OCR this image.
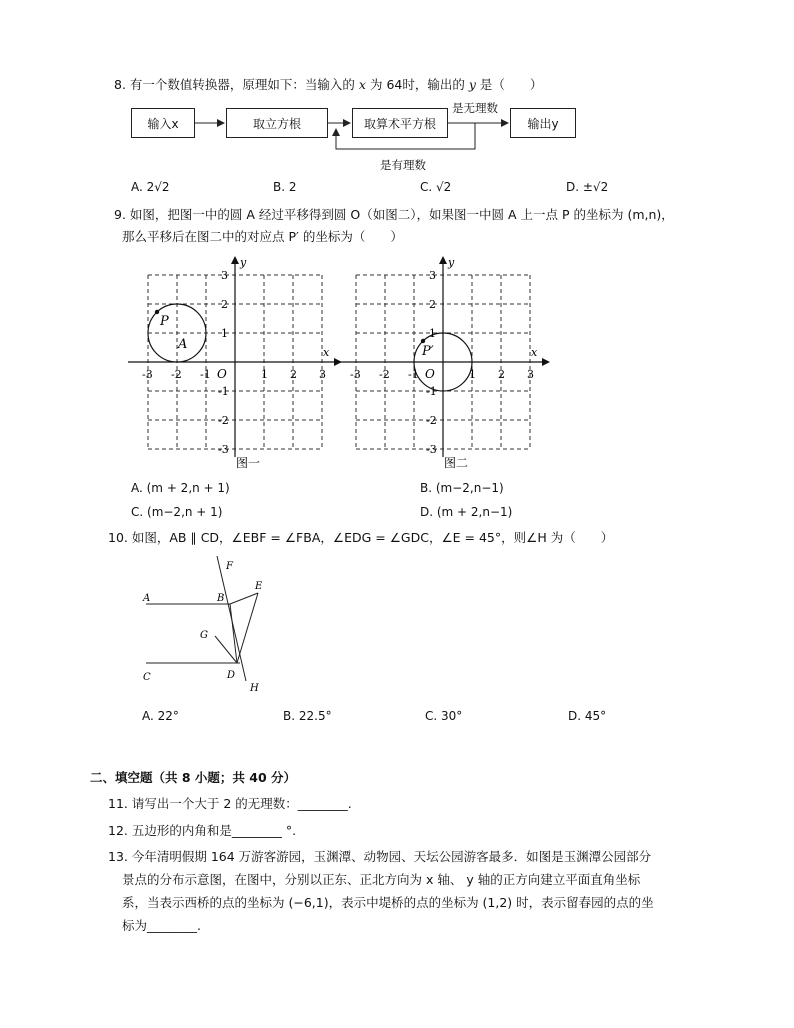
8. 有一个数值转换器，原理如下：当输入的 x 为 64时，输出的 y 是（　　）
输入x	取立方根	取算术平方根	输出y
是无理数
是有理数
A. 2√2	B. 2	C. √2	D. ±√2
9. 如图，把图一中的圆 A 经过平移得到圆 O（如图二），如果图一中圆 A 上一点 P 的坐标为 (m,n)，
那么平移后在图二中的对应点 P′ 的坐标为（　　）
P
A
O
x
y
-3 -2 -1	1 2 3
3
2
1
-1
-2
-3
图一
P′
O
x
y
-3 -2 -1	1 2 3
3
2
1
-1
-2
-3
图二
A. (m + 2,n + 1)	B. (m−2,n−1)
C. (m−2,n + 1)	D. (m + 2,n−1)
10. 如图，AB ∥ CD，∠EBF = ∠FBA，∠EDG = ∠GDC，∠E = 45°，则∠H 为（　　）
A	B
C	D
E
F
G
H
A. 22°	B. 22.5°	C. 30°	D. 45°
二、填空题（共 8 小题；共 40 分）
11. 请写出一个大于 2 的无理数：________.
12. 五边形的内角和是________ °.
13. 今年清明假期 164 万游客游园，玉渊潭、动物园、天坛公园游客最多．如图是玉渊潭公园部分
景点的分布示意图，在图中，分别以正东、正北方向为 x 轴、 y 轴的正方向建立平面直角坐标
系，当表示西桥的点的坐标为 (−6,1)，表示中堤桥的点的坐标为 (1,2) 时，表示留春园的点的坐
标为________.
